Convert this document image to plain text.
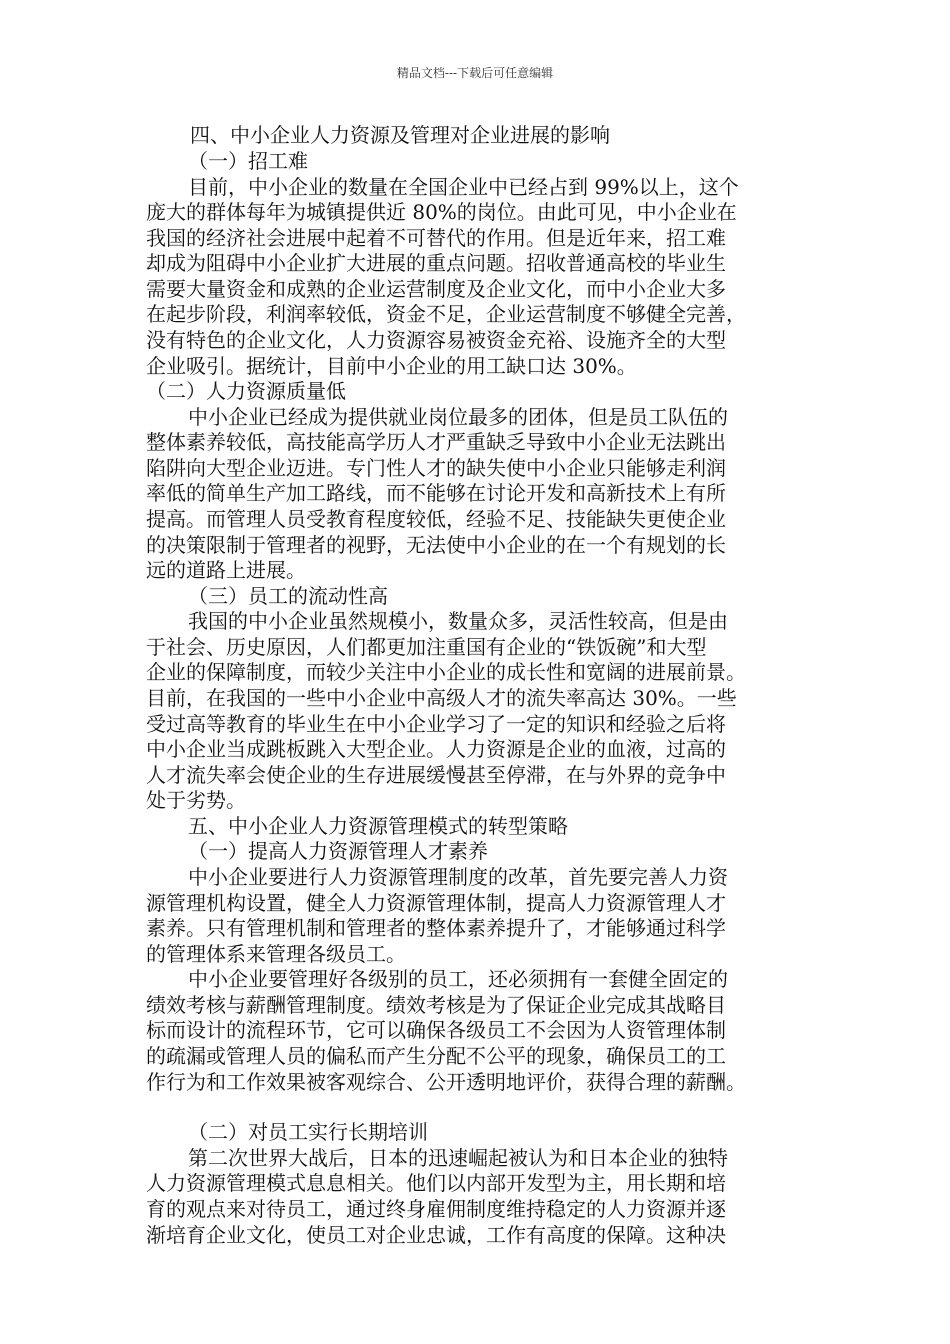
精品文档---下载后可任意编辑
四、中小企业人力资源及管理对企业进展的影响
（一）招工难
目前，中小企业的数量在全国企业中已经占到 99%以上，这个
庞大的群体每年为城镇提供近 80%的岗位。由此可见，中小企业在
我国的经济社会进展中起着不可替代的作用。但是近年来，招工难
却成为阻碍中小企业扩大进展的重点问题。招收普通高校的毕业生
需要大量资金和成熟的企业运营制度及企业文化，而中小企业大多
在起步阶段，利润率较低，资金不足，企业运营制度不够健全完善，
没有特色的企业文化，人力资源容易被资金充裕、设施齐全的大型
企业吸引。据统计，目前中小企业的用工缺口达 30%。
（二）人力资源质量低
中小企业已经成为提供就业岗位最多的团体，但是员工队伍的
整体素养较低，高技能高学历人才严重缺乏导致中小企业无法跳出
陷阱向大型企业迈进。专门性人才的缺失使中小企业只能够走利润
率低的简单生产加工路线，而不能够在讨论开发和高新技术上有所
提高。而管理人员受教育程度较低，经验不足、技能缺失更使企业
的决策限制于管理者的视野，无法使中小企业的在一个有规划的长
远的道路上进展。
（三）员工的流动性高
我国的中小企业虽然规模小，数量众多，灵活性较高，但是由
于社会、历史原因，人们都更加注重国有企业的“铁饭碗”和大型
企业的保障制度，而较少关注中小企业的成长性和宽阔的进展前景。
目前，在我国的一些中小企业中高级人才的流失率高达 30%。一些
受过高等教育的毕业生在中小企业学习了一定的知识和经验之后将
中小企业当成跳板跳入大型企业。人力资源是企业的血液，过高的
人才流失率会使企业的生存进展缓慢甚至停滞，在与外界的竞争中
处于劣势。
五、中小企业人力资源管理模式的转型策略
（一）提高人力资源管理人才素养
中小企业要进行人力资源管理制度的改革，首先要完善人力资
源管理机构设置，健全人力资源管理体制，提高人力资源管理人才
素养。只有管理机制和管理者的整体素养提升了，才能够通过科学
的管理体系来管理各级员工。
中小企业要管理好各级别的员工，还必须拥有一套健全固定的
绩效考核与薪酬管理制度。绩效考核是为了保证企业完成其战略目
标而设计的流程环节，它可以确保各级员工不会因为人资管理体制
的疏漏或管理人员的偏私而产生分配不公平的现象，确保员工的工
作行为和工作效果被客观综合、公开透明地评价，获得合理的薪酬。
（二）对员工实行长期培训
第二次世界大战后，日本的迅速崛起被认为和日本企业的独特
人力资源管理模式息息相关。他们以内部开发型为主，用长期和培
育的观点来对待员工，通过终身雇佣制度维持稳定的人力资源并逐
渐培育企业文化，使员工对企业忠诚，工作有高度的保障。这种决
